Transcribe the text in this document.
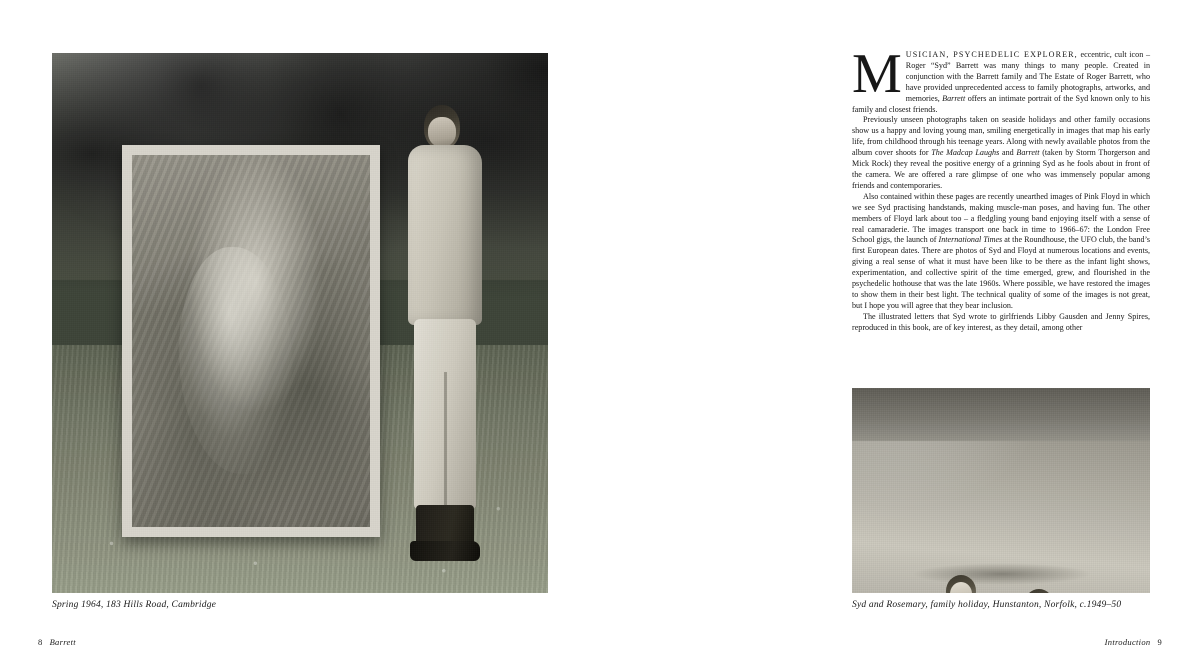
Spring 1964, 183 Hills Road, Cambridge
8 Barrett

MUSICIAN, PSYCHEDELIC EXPLORER, eccentric, cult icon – Roger “Syd” Barrett was many things to many people. Created in conjunction with the Barrett family and The Estate of Roger Barrett, who have provided unprecedented access to family photographs, artworks, and memories, Barrett offers an intimate portrait of the Syd known only to his family and closest friends.

Previously unseen photographs taken on seaside holidays and other family occasions show us a happy and loving young man, smiling energetically in images that map his early life, from childhood through his teenage years. Along with newly available photos from the album cover shoots for The Madcap Laughs and Barrett (taken by Storm Thorgerson and Mick Rock) they reveal the positive energy of a grinning Syd as he fools about in front of the camera. We are offered a rare glimpse of one who was immensely popular among friends and contemporaries.

Also contained within these pages are recently unearthed images of Pink Floyd in which we see Syd practising handstands, making muscle-man poses, and having fun. The other members of Floyd lark about too – a fledgling young band enjoying itself with a sense of real camaraderie. The images transport one back in time to 1966–67: the London Free School gigs, the launch of International Times at the Roundhouse, the UFO club, the band’s first European dates. There are photos of Syd and Floyd at numerous locations and events, giving a real sense of what it must have been like to be there as the infant light shows, experimentation, and collective spirit of the time emerged, grew, and flourished in the psychedelic hothouse that was the late 1960s. Where possible, we have restored the images to show them in their best light. The technical quality of some of the images is not great, but I hope you will agree that they bear inclusion.

The illustrated letters that Syd wrote to girlfriends Libby Gausden and Jenny Spires, reproduced in this book, are of key interest, as they detail, among other

Syd and Rosemary, family holiday, Hunstanton, Norfolk, c.1949–50
Introduction 9
